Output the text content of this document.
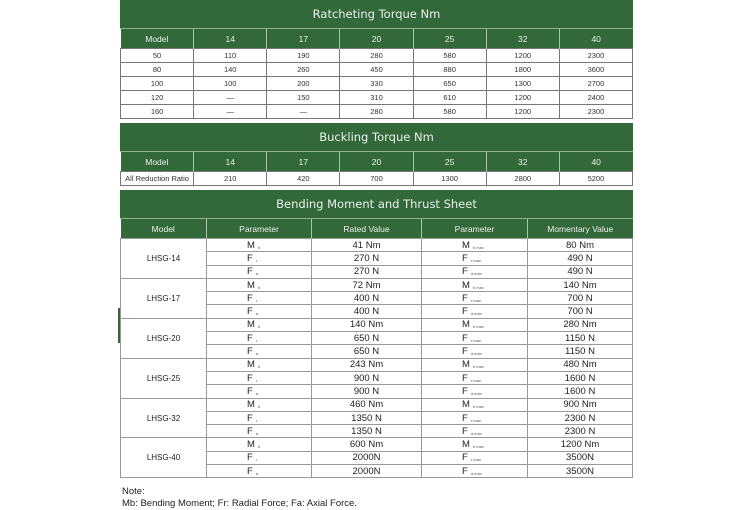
Ratcheting Torque Nm
Model	14	17	20	25	32	40
50	110	190	280	580	1200	2300
80	140	260	450	880	1800	3600
100	100	200	330	650	1300	2700
120	—	150	310	610	1200	2400
160	—	—	280	580	1200	2300
Buckling Torque Nm
Model	14	17	20	25	32	40
All Reduction Ratio	210	420	700	1300	2800	5200
Bending Moment and Thrust Sheet
Model	Parameter	Rated Value	Parameter	Momentary Value
LHSG-14	M $_b$	41 Nm	M $_{b max}$	80 Nm
	F $_r$	270 N	F $_{r max}$	490 N
	F $_a$	270 N	F $_{a max}$	490 N
LHSG-17	M $_b$	72 Nm	M $_{b max}$	140 Nm
	F $_r$	400 N	F $_{r max}$	700 N
	F $_a$	400 N	F $_{a max}$	700 N
LHSG-20	M $_b$	140 Nm	M $_{b max}$	280 Nm
	F $_r$	650 N	F $_{r max}$	1150 N
	F $_a$	650 N	F $_{a max}$	1150 N
LHSG-25	M $_b$	243 Nm	M $_{b max}$	480 Nm
	F $_r$	900 N	F $_{r max}$	1600 N
	F $_a$	900 N	F $_{a max}$	1600 N
LHSG-32	M $_b$	460 Nm	M $_{b max}$	900 Nm
	F $_r$	1350 N	F $_{r max}$	2300 N
	F $_a$	1350 N	F $_{a max}$	2300 N
LHSG-40	M $_b$	600 Nm	M $_{b max}$	1200 Nm
	F $_r$	2000N	F $_{r max}$	3500N
	F $_a$	2000N	F $_{a max}$	3500N
Note:
Mb: Bending Moment; Fr: Radial Force; Fa: Axial Force.
